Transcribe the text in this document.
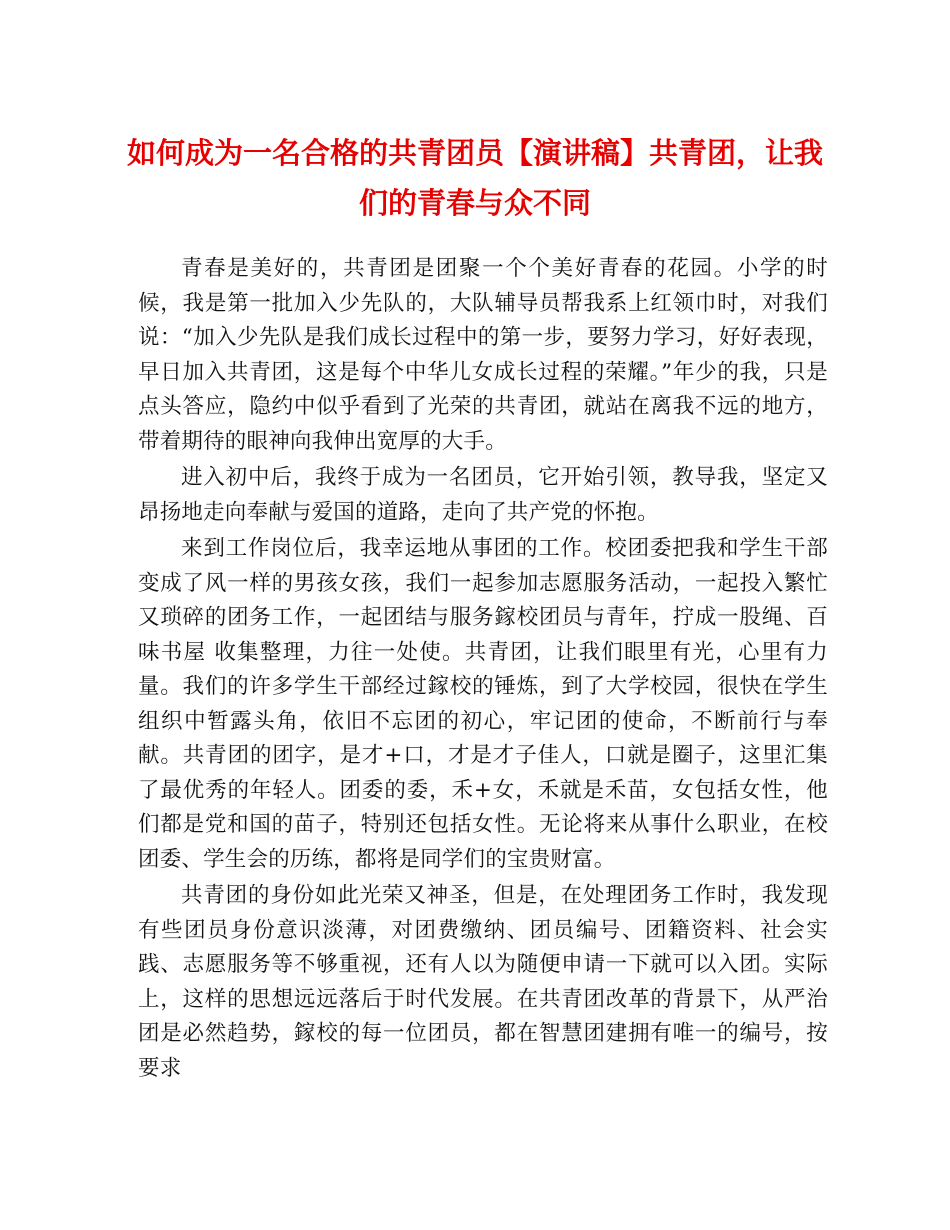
如何成为一名合格的共青团员【演讲稿】共青团，让我们的青春与众不同

青春是美好的，共青团是团聚一个个美好青春的花园。小学的时候，我是第一批加入少先队的，大队辅导员帮我系上红领巾时，对我们说：“加入少先队是我们成长过程中的第一步，要努力学习，好好表现，早日加入共青团，这是每个中华儿女成长过程的荣耀。”年少的我，只是点头答应，隐约中似乎看到了光荣的共青团，就站在离我不远的地方，带着期待的眼神向我伸出宽厚的大手。

进入初中后，我终于成为一名团员，它开始引领，教导我，坚定又昂扬地走向奉献与爱国的道路，走向了共产党的怀抱。

来到工作岗位后，我幸运地从事团的工作。校团委把我和学生干部变成了风一样的男孩女孩，我们一起参加志愿服务活动，一起投入繁忙又琐碎的团务工作，一起团结与服务鎵校团员与青年，拧成一股绳、百味书屋 收集整理，力往一处使。共青团，让我们眼里有光，心里有力量。我们的许多学生干部经过鎵校的锤炼，到了大学校园，很快在学生组织中暂露头角，依旧不忘团的初心，牢记团的使命，不断前行与奉献。共青团的团字，是才+口，才是才子佳人，口就是圈子，这里汇集了最优秀的年轻人。团委的委，禾+女，禾就是禾苗，女包括女性，他们都是党和国的苗子，特别还包括女性。无论将来从事什么职业，在校团委、学生会的历练，都将是同学们的宝贵财富。

共青团的身份如此光荣又神圣，但是，在处理团务工作时，我发现有些团员身份意识淡薄，对团费缴纳、团员编号、团籍资料、社会实践、志愿服务等不够重视，还有人以为随便申请一下就可以入团。实际上，这样的思想远远落后于时代发展。在共青团改革的背景下，从严治团是必然趋势，鎵校的每一位团员，都在智慧团建拥有唯一的编号，按要求
